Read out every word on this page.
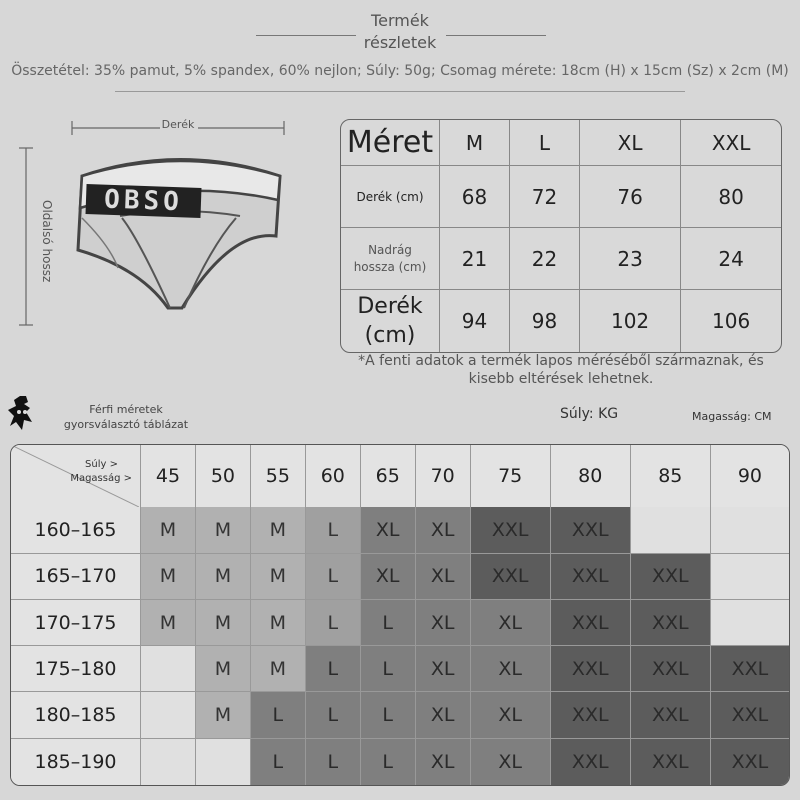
Termék
részletek
Összetétel: 35% pamut, 5% spandex, 60% nejlon; Súly: 50g; Csomag mérete: 18cm (H) x 15cm (Sz) x 2cm (M)
Derék
OBSO
Oldalsó hossz
Méret	M	L	XL	XXL
Derék (cm)	68	72	76	80
Nadrág hossza (cm)	21	22	23	24
Derék (cm)	94	98	102	106
*A fenti adatok a termék lapos méréséből származnak, és kisebb eltérések lehetnek.
Férfi méretek gyorsválasztó táblázat
Súly: KG	Magasság: CM
Súly >
Magasság >	45	50	55	60	65	70	75	80	85	90
160–165	M	M	M	L	XL	XL	XXL	XXL		
165–170	M	M	M	L	XL	XL	XXL	XXL	XXL	
170–175	M	M	M	L	L	XL	XL	XXL	XXL	
175–180		M	M	L	L	XL	XL	XXL	XXL	XXL
180–185		M	L	L	L	XL	XL	XXL	XXL	XXL
185–190			L	L	L	XL	XL	XXL	XXL	XXL
